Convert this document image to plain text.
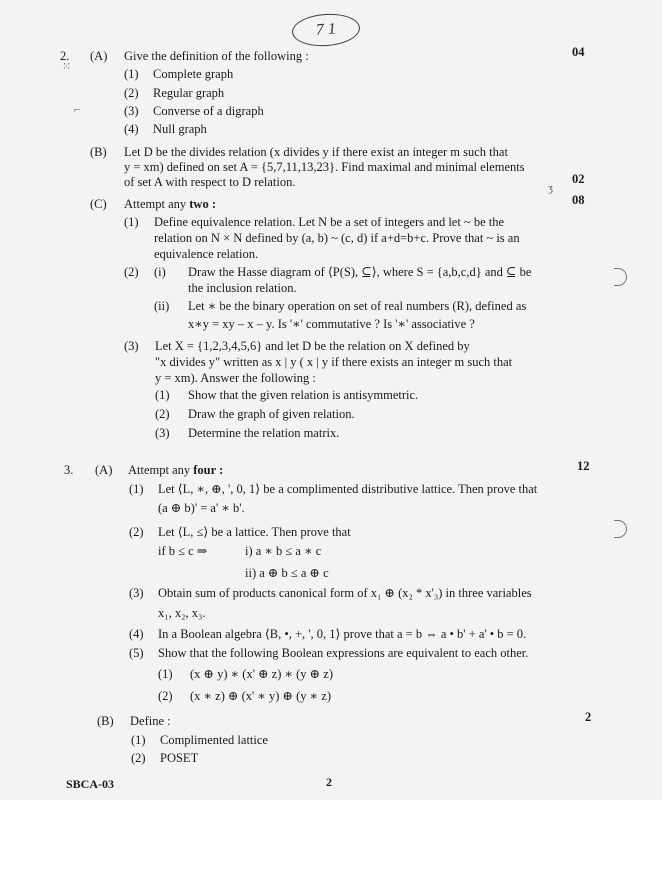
7 1
⁙
⌐
ʒ
2. (A) Give the definition of the following :	04
(1) Complete graph
(2) Regular graph
(3) Converse of a digraph
(4) Null graph
(B) Let D be the divides relation (x divides y if there exist an integer m such that
y = xm) defined on set A = {5,7,11,13,23}. Find maximal and minimal elements
of set A with respect to D relation.	02
(C) Attempt any two :	08
(1) Define equivalence relation. Let N be a set of integers and let ~ be the
relation on N × N defined by (a, b) ~ (c, d) if a+d=b+c. Prove that ~ is an
equivalence relation.
(2) (i) Draw the Hasse diagram of ⟨P(S), ⊆⟩, where S = {a,b,c,d} and ⊆ be
the inclusion relation.
(ii) Let ∗ be the binary operation on set of real numbers (R), defined as
x∗y = xy – x – y. Is '∗' commutative ? Is '∗' associative ?
(3) Let X = {1,2,3,4,5,6} and let D be the relation on X defined by
"x divides y" written as x | y ( x | y if there exists an integer m such that
y = xm). Answer the following :
(1) Show that the given relation is antisymmetric.
(2) Draw the graph of given relation.
(3) Determine the relation matrix.
3. (A) Attempt any four :	12
(1) Let ⟨L, ∗, ⊕, ', 0, 1⟩ be a complimented distributive lattice. Then prove that
(a ⊕ b)' = a' ∗ b'.
(2) Let ⟨L, ≤⟩ be a lattice. Then prove that
if b ≤ c ⇒	i) a ∗ b ≤ a ∗ c
ii) a ⊕ b ≤ a ⊕ c
(3) Obtain sum of products canonical form of x₁ ⊕ (x₂ * x'₃) in three variables
x₁, x₂, x₃.
(4) In a Boolean algebra ⟨B, •, +, ', 0, 1⟩ prove that a = b ⇔ a • b' + a' • b = 0.
(5) Show that the following Boolean expressions are equivalent to each other.
(1) (x ⊕ y) ∗ (x' ⊕ z) ∗ (y ⊕ z)
(2) (x ∗ z) ⊕ (x' ∗ y) ⊕ (y ∗ z)
(B) Define :	2
(1) Complimented lattice
(2) POSET
SBCA-03	2
